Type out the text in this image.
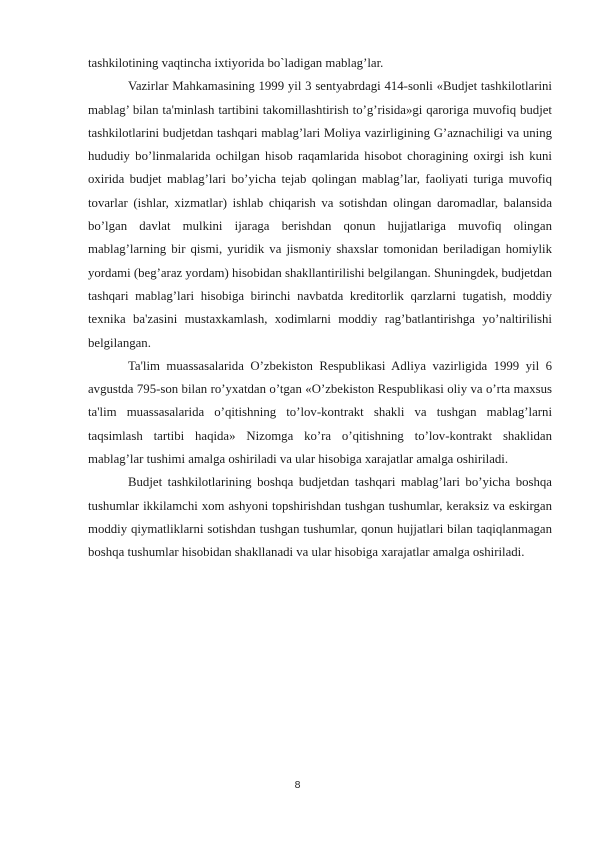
tashkilotining vaqtincha ixtiyorida bo`ladigan mablag’lar.

Vazirlar Mahkamasining 1999 yil 3 sentyabrdagi 414-sonli «Budjet tashkilotlarini mablag’ bilan ta'minlash tartibini takomillashtirish to’g’risida»gi qaroriga muvofiq budjet tashkilotlarini budjetdan tashqari mablag’lari Moliya vazirligining G’aznachiligi va uning hududiy bo’linmalarida ochilgan hisob raqamlarida hisobot choragining oxirgi ish kuni oxirida budjet mablag’lari bo’yicha tejab qolingan mablag’lar, faoliyati turiga muvofiq tovarlar (ishlar, xizmatlar) ishlab chiqarish va sotishdan olingan daromadlar, balansida bo’lgan davlat mulkini ijaraga berishdan qonun hujjatlariga muvofiq olingan mablag’larning bir qismi, yuridik va jismoniy shaxslar tomonidan beriladigan homiylik yordami (beg’araz yordam) hisobidan shakllantirilishi belgilangan. Shuningdek, budjetdan tashqari mablag’lari hisobiga birinchi navbatda kreditorlik qarzlarni tugatish, moddiy texnika ba'zasini mustaxkamlash, xodimlarni moddiy rag’batlantirishga yo’naltirilishi belgilangan.

Ta'lim muassasalarida O’zbekiston Respublikasi Adliya vazirligida 1999 yil 6 avgustda 795-son bilan ro’yxatdan o’tgan «O’zbekiston Respublikasi oliy va o’rta maxsus ta'lim muassasalarida o’qitishning to’lov-kontrakt shakli va tushgan mablag’larni taqsimlash tartibi haqida» Nizomga ko’ra o’qitishning to’lov-kontrakt shaklidan mablag’lar tushimi amalga oshiriladi va ular hisobiga xarajatlar amalga oshiriladi.

Budjet tashkilotlarining boshqa budjetdan tashqari mablag’lari bo’yicha boshqa tushumlar ikkilamchi xom ashyoni topshirishdan tushgan tushumlar, keraksiz va eskirgan moddiy qiymatliklarni sotishdan tushgan tushumlar, qonun hujjatlari bilan taqiqlanmagan boshqa tushumlar hisobidan shakllanadi va ular hisobiga xarajatlar amalga oshiriladi.

8
